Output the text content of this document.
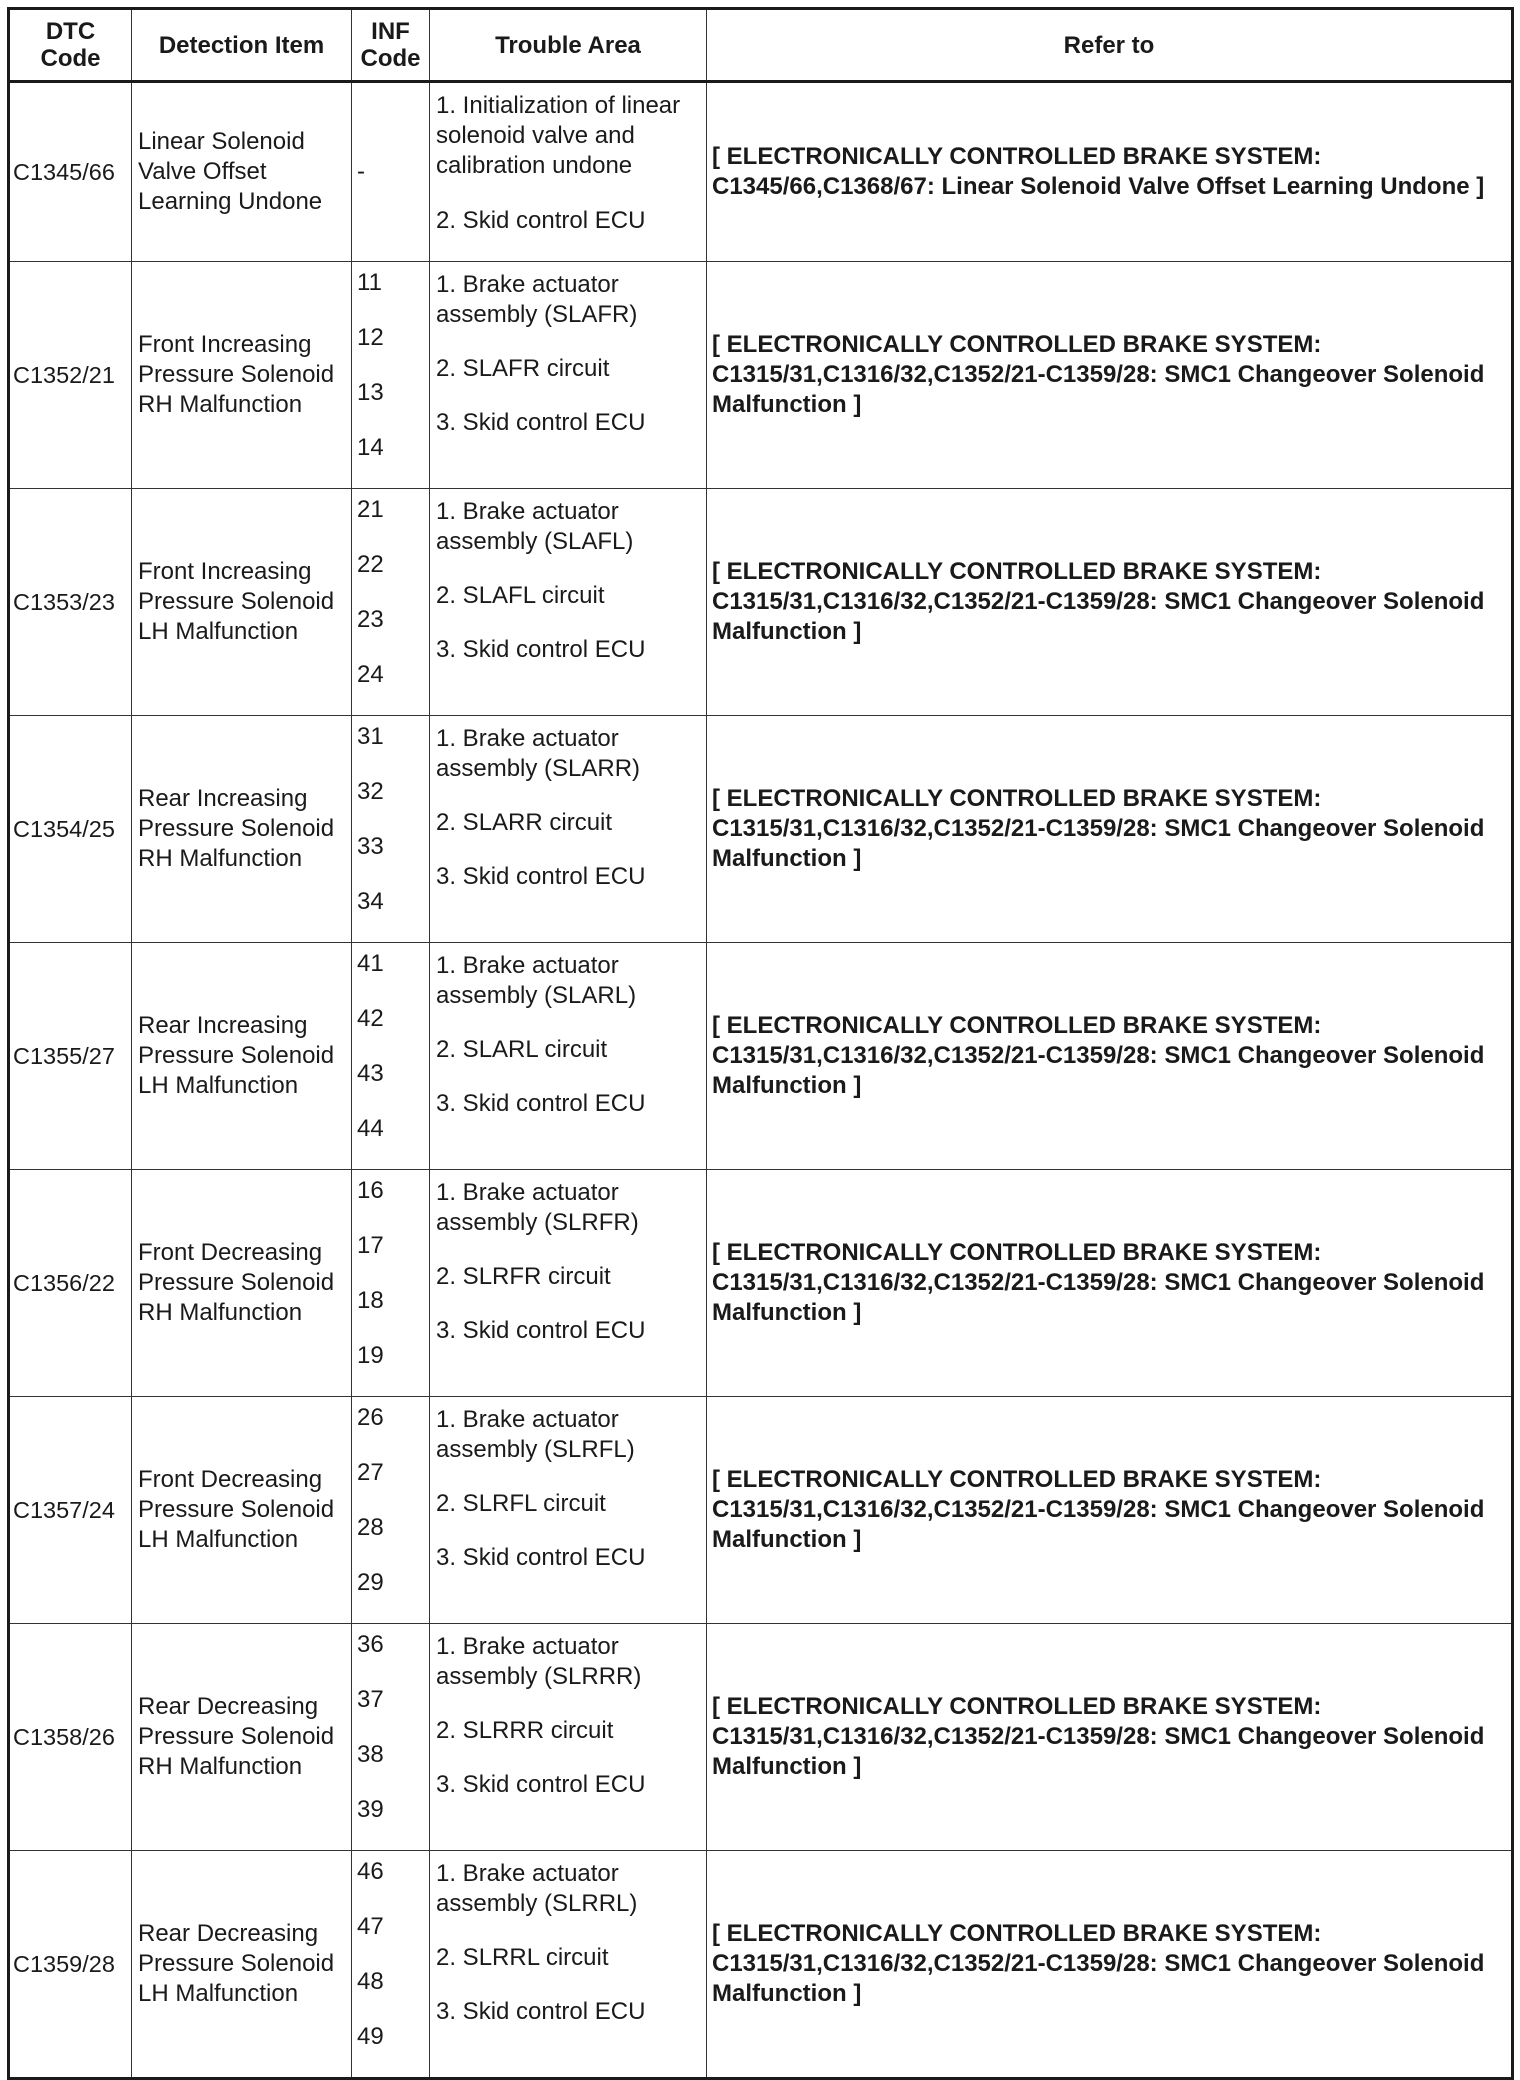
DTC
Code	Detection Item	INF
Code	Trouble Area	Refer to
C1345/66	Linear Solenoid
Valve Offset
Learning Undone	-	1. Initialization of linear solenoid valve and calibration undone
2. Skid control ECU	[ ELECTRONICALLY CONTROLLED BRAKE SYSTEM: C1345/66,C1368/67: Linear Solenoid Valve Offset Learning Undone ]
C1352/21	Front Increasing
Pressure Solenoid
RH Malfunction	11
12
13
14	1. Brake actuator assembly (SLAFR)
2. SLAFR circuit
3. Skid control ECU	[ ELECTRONICALLY CONTROLLED BRAKE SYSTEM: C1315/31,C1316/32,C1352/21-C1359/28: SMC1 Changeover Solenoid Malfunction ]
C1353/23	Front Increasing
Pressure Solenoid
LH Malfunction	21
22
23
24	1. Brake actuator assembly (SLAFL)
2. SLAFL circuit
3. Skid control ECU	[ ELECTRONICALLY CONTROLLED BRAKE SYSTEM: C1315/31,C1316/32,C1352/21-C1359/28: SMC1 Changeover Solenoid Malfunction ]
C1354/25	Rear Increasing
Pressure Solenoid
RH Malfunction	31
32
33
34	1. Brake actuator assembly (SLARR)
2. SLARR circuit
3. Skid control ECU	[ ELECTRONICALLY CONTROLLED BRAKE SYSTEM: C1315/31,C1316/32,C1352/21-C1359/28: SMC1 Changeover Solenoid Malfunction ]
C1355/27	Rear Increasing
Pressure Solenoid
LH Malfunction	41
42
43
44	1. Brake actuator assembly (SLARL)
2. SLARL circuit
3. Skid control ECU	[ ELECTRONICALLY CONTROLLED BRAKE SYSTEM: C1315/31,C1316/32,C1352/21-C1359/28: SMC1 Changeover Solenoid Malfunction ]
C1356/22	Front Decreasing
Pressure Solenoid
RH Malfunction	16
17
18
19	1. Brake actuator assembly (SLRFR)
2. SLRFR circuit
3. Skid control ECU	[ ELECTRONICALLY CONTROLLED BRAKE SYSTEM: C1315/31,C1316/32,C1352/21-C1359/28: SMC1 Changeover Solenoid Malfunction ]
C1357/24	Front Decreasing
Pressure Solenoid
LH Malfunction	26
27
28
29	1. Brake actuator assembly (SLRFL)
2. SLRFL circuit
3. Skid control ECU	[ ELECTRONICALLY CONTROLLED BRAKE SYSTEM: C1315/31,C1316/32,C1352/21-C1359/28: SMC1 Changeover Solenoid Malfunction ]
C1358/26	Rear Decreasing
Pressure Solenoid
RH Malfunction	36
37
38
39	1. Brake actuator assembly (SLRRR)
2. SLRRR circuit
3. Skid control ECU	[ ELECTRONICALLY CONTROLLED BRAKE SYSTEM: C1315/31,C1316/32,C1352/21-C1359/28: SMC1 Changeover Solenoid Malfunction ]
C1359/28	Rear Decreasing
Pressure Solenoid
LH Malfunction	46
47
48
49	1. Brake actuator assembly (SLRRL)
2. SLRRL circuit
3. Skid control ECU	[ ELECTRONICALLY CONTROLLED BRAKE SYSTEM: C1315/31,C1316/32,C1352/21-C1359/28: SMC1 Changeover Solenoid Malfunction ]
